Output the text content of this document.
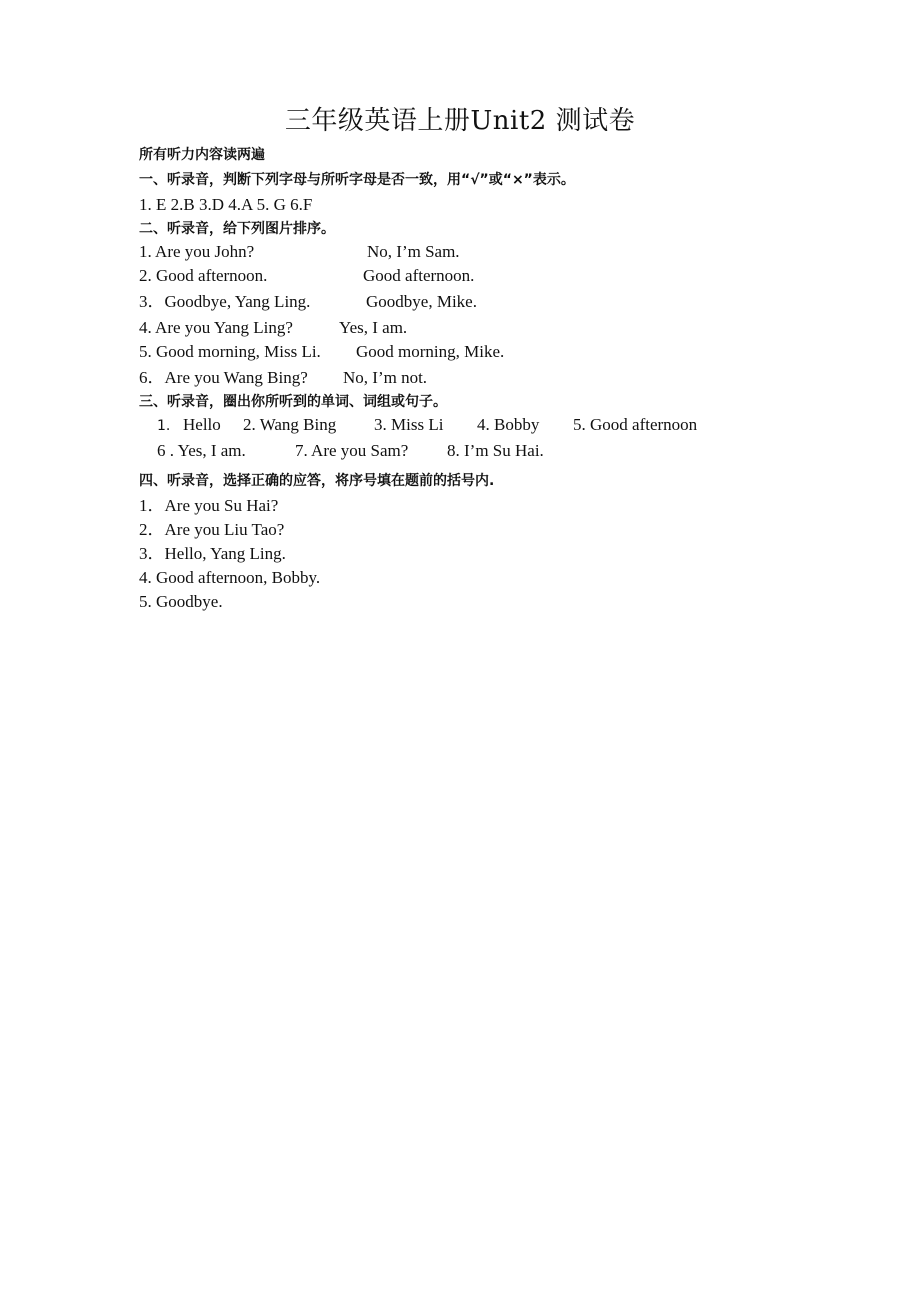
三年级英语上册Unit2 测试卷
所有听力内容读两遍
一、听录音，判断下列字母与所听字母是否一致，用“√”或“×”表示。
1. E 2.B 3.D 4.A 5. G 6.F
二、听录音，给下列图片排序。
1. Are you John?	No, I’m Sam.
2. Good afternoon.	Good afternoon.
3．Goodbye, Yang Ling.	Goodbye, Mike.
4. Are you Yang Ling?	Yes, I am.
5. Good morning, Miss Li. Good morning, Mike.
6．Are you Wang Bing? No, I’m not.
三、听录音，圈出你所听到的单词、词组或句子。
1. Hello 2. Wang Bing 3. Miss Li 4. Bobby 5. Good afternoon
6 . Yes, I am.	7. Are you Sam? 8. I’m Su Hai.
四、听录音，选择正确的应答，将序号填在题前的括号内.
1．Are you Su Hai?
2．Are you Liu Tao?
3．Hello, Yang Ling.
4. Good afternoon, Bobby.
5. Goodbye.
